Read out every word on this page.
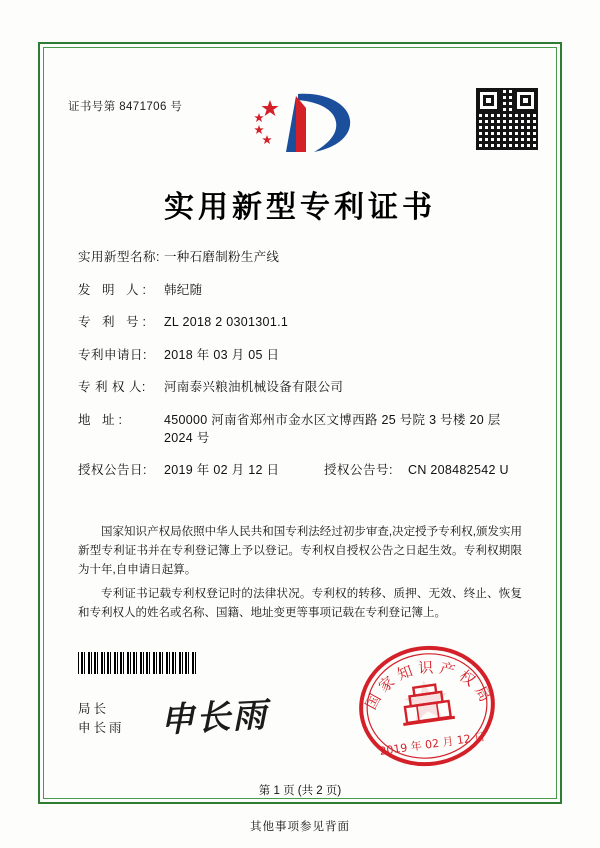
证书号第 8471706 号
实用新型专利证书
实用新型名称: 一种石磨制粉生产线
发 明 人:	韩纪随
专 利 号:	ZL 2018 2 0301301.1
专利申请日:	2018 年 03 月 05 日
专 利 权 人:	河南泰兴粮油机械设备有限公司
地 址:	450000 河南省郑州市金水区文博西路 25 号院 3 号楼 20 层 2024 号
授权公告日:	2019 年 02 月 12 日	授权公告号:	CN 208482542 U

国家知识产权局依照中华人民共和国专利法经过初步审查,决定授予专利权,颁发实用新型专利证书并在专利登记簿上予以登记。专利权自授权公告之日起生效。专利权期限为十年,自申请日起算。

专利证书记载专利权登记时的法律状况。专利权的转移、质押、无效、终止、恢复和专利权人的姓名或名称、国籍、地址变更等事项记载在专利登记簿上。

局长
申长雨 申长雨	国家知识产权局
2019 年 02 月 12 日
第 1 页 (共 2 页)
其他事项参见背面
